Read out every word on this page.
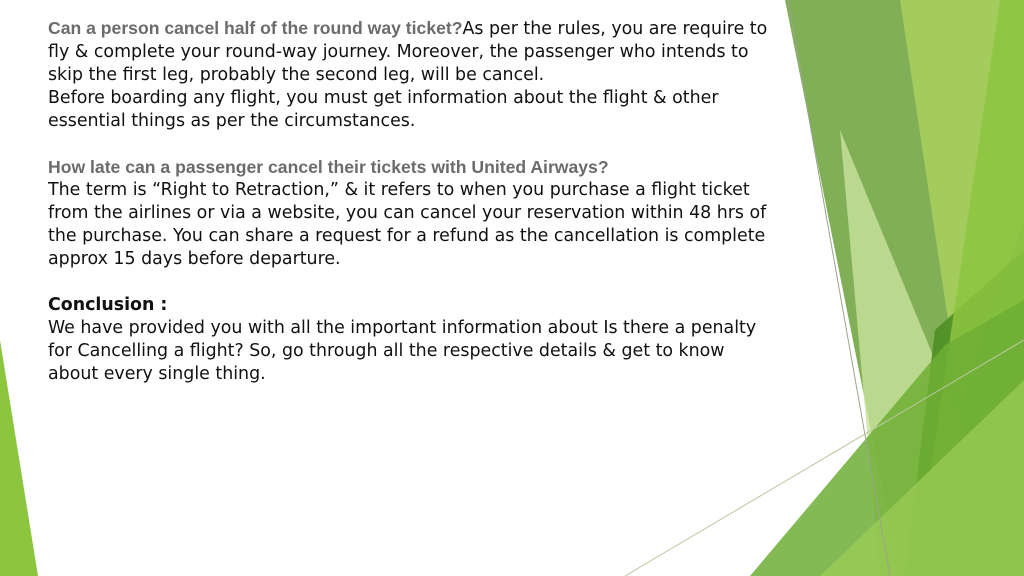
Can a person cancel half of the round way ticket?As per the rules, you are require to fly & complete your round-way journey. Moreover, the passenger who intends to skip the first leg, probably the second leg, will be cancel.

Before boarding any flight, you must get information about the flight & other essential things as per the circumstances.

How late can a passenger cancel their tickets with United Airways?

The term is “Right to Retraction,” & it refers to when you purchase a flight ticket from the airlines or via a website, you can cancel your reservation within 48 hrs of the purchase. You can share a request for a refund as the cancellation is complete approx 15 days before departure.

Conclusion :

We have provided you with all the important information about Is there a penalty for Cancelling a flight? So, go through all the respective details & get to know about every single thing.
